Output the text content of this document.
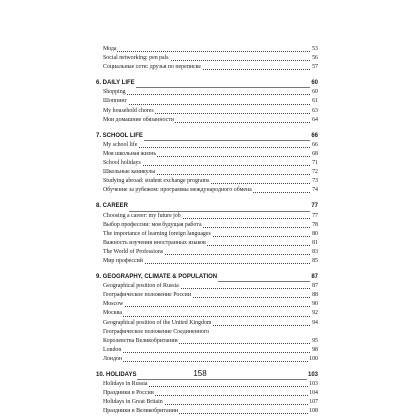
Мода	53
Social networking: pen pals	56
Социальные сети: друзья по переписке	57
6. DAILY LIFE	60
Shopping	60
Шоппинг	61
My household chores	63
Мои домашние обязанности	64
7. SCHOOL LIFE	66
My school life	66
Моя школьная жизнь	68
School holidays	71
Школьные каникулы	72
Studying abroad: student exchange programs	73
Обучение за рубежом: программы международного обмена	74
8. CAREER	77
Choosing a career: my future job	77
Выбор профессии: моя будущая работа	78
The importance of learning foreign languages	80
Важность изучения иностранных языков	81
The World of Professions	83
Мир профессий	85
9. GEOGRAPHY, CLIMATE & POPULATION	87
Geographical position of Russia	87
Географическое положение России	88
Moscow	90
Москва	92
Geographical position of the United Kingdom	94
Географическое положение Соединенного
Королевства Великобритании	95
London	98
Лондон	100
10. HOLIDAYS	103
Holidays in Russia	103
Праздники в России	104
Holidays in Great Britain	107
Праздники в Великобритании	108
158
